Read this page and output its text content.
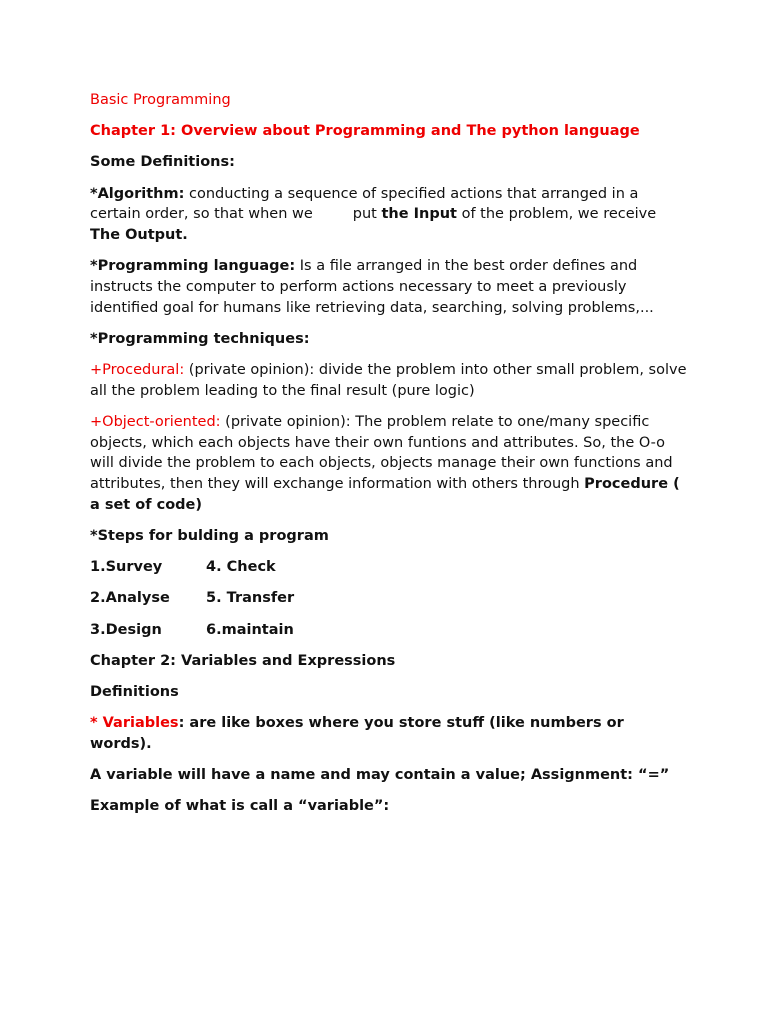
Basic Programming

Chapter 1: Overview about Programming and The python language

Some Definitions:

*Algorithm: conducting a sequence of specified actions that arranged in a certain order, so that when we	put the Input of the problem, we receive The Output.

*Programming language: Is a file arranged in the best order defines and instructs the computer to perform actions necessary to meet a previously identified goal for humans like retrieving data, searching, solving problems,...

*Programming techniques:

+Procedural: (private opinion): divide the problem into other small problem, solve all the problem leading to the final result (pure logic)

+Object-oriented: (private opinion): The problem relate to one/many specific objects, which each objects have their own funtions and attributes. So, the O-o will divide the problem to each objects, objects manage their own functions and attributes, then they will exchange information with others through Procedure ( a set of code)

*Steps for bulding a program

1.Survey	4. Check
2.Analyse	5. Transfer
3.Design	6.maintain

Chapter 2: Variables and Expressions

Definitions

* Variables: are like boxes where you store stuff (like numbers or words).

A variable will have a name and may contain a value; Assignment: “=”

Example of what is call a “variable”:
